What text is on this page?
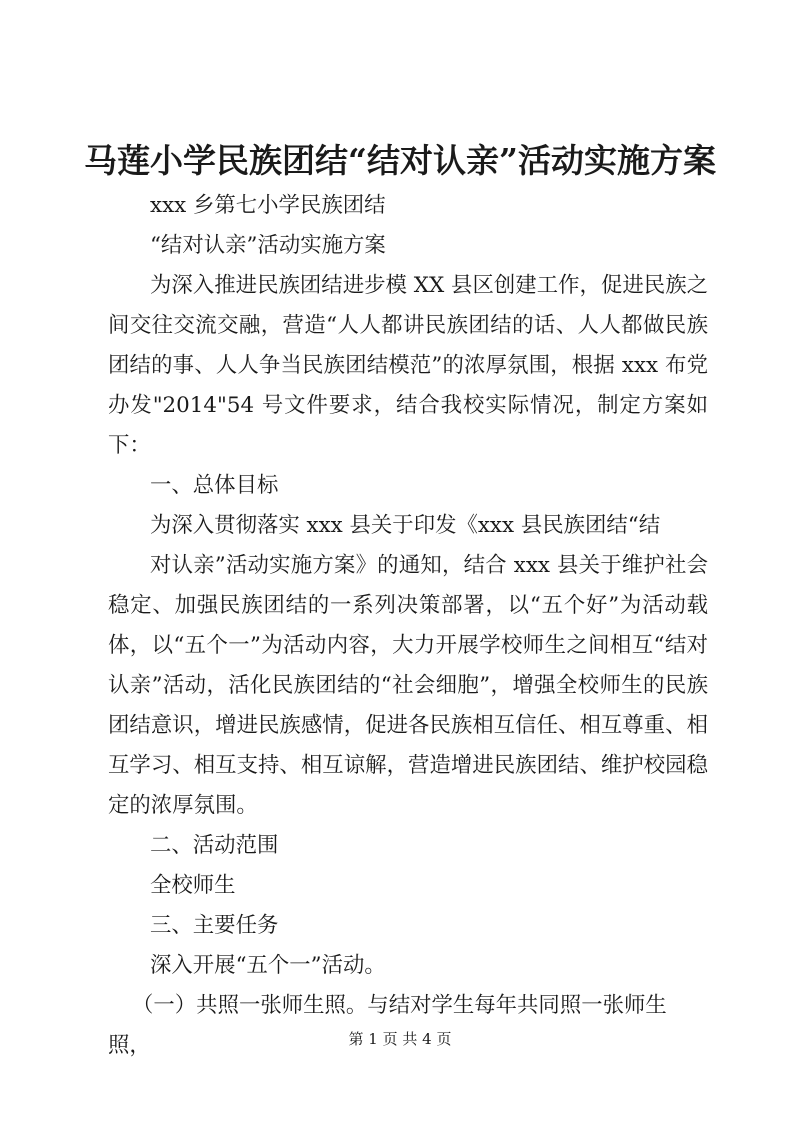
马莲小学民族团结“结对认亲”活动实施方案

xxx 乡第七小学民族团结

“结对认亲”活动实施方案

为深入推进民族团结进步模 XX 县区创建工作，促进民族之间交往交流交融，营造“人人都讲民族团结的话、人人都做民族团结的事、人人争当民族团结模范”的浓厚氛围，根据 xxx 布党办发"2014"54 号文件要求，结合我校实际情况，制定方案如下：

一、总体目标

为深入贯彻落实 xxx 县关于印发《xxx 县民族团结“结

对认亲”活动实施方案》的通知，结合 xxx 县关于维护社会稳定、加强民族团结的一系列决策部署，以“五个好”为活动载体，以“五个一”为活动内容，大力开展学校师生之间相互“结对认亲”活动，活化民族团结的“社会细胞”，增强全校师生的民族团结意识，增进民族感情，促进各民族相互信任、相互尊重、相互学习、相互支持、相互谅解，营造增进民族团结、维护校园稳定的浓厚氛围。

二、活动范围

全校师生

三、主要任务

深入开展“五个一”活动。

（一）共照一张师生照。与结对学生每年共同照一张师生照，	第 1 页 共 4 页
